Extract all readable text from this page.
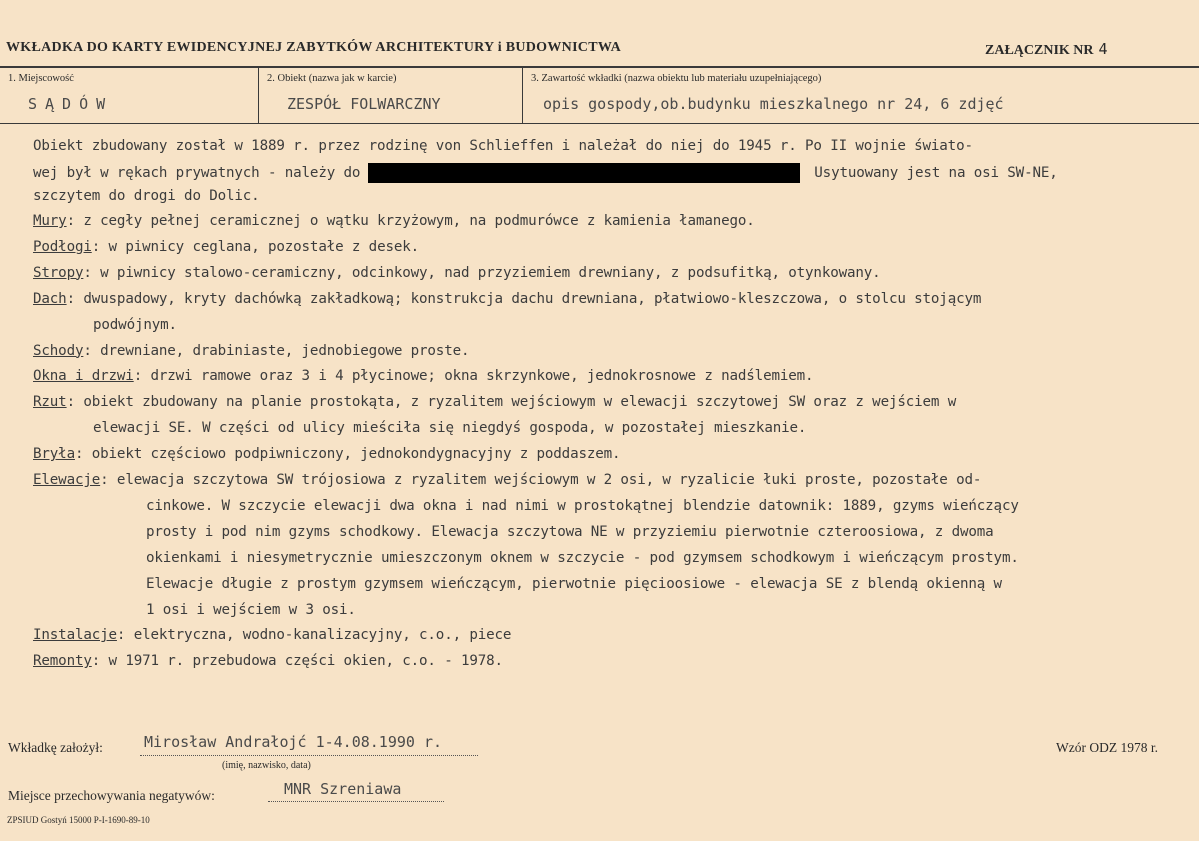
WKŁADKA DO KARTY EWIDENCYJNEJ ZABYTKÓW ARCHITEKTURY i BUDOWNICTWA	ZAŁĄCZNIK NR 4
1. Miejscowość
SĄDÓW
2. Obiekt (nazwa jak w karcie)
ZESPÓŁ FOLWARCZNY
3. Zawartość wkładki (nazwa obiektu lub materiału uzupełniającego)
opis gospody,ob.budynku mieszkalnego nr 24, 6 zdjęć
Obiekt zbudowany został w 1889 r. przez rodzinę von Schlieffen i należał do niej do 1945 r. Po II wojnie świato-
wej był w rękach prywatnych - należy do	Usytuowany jest na osi SW-NE,
szczytem do drogi do Dolic.
Mury: z cegły pełnej ceramicznej o wątku krzyżowym, na podmurówce z kamienia łamanego.
Podłogi: w piwnicy ceglana, pozostałe z desek.
Stropy: w piwnicy stalowo-ceramiczny, odcinkowy, nad przyziemiem drewniany, z podsufitką, otynkowany.
Dach: dwuspadowy, kryty dachówką zakładkową; konstrukcja dachu drewniana, płatwiowo-kleszczowa, o stolcu stojącym
podwójnym.
Schody: drewniane, drabiniaste, jednobiegowe proste.
Okna i drzwi: drzwi ramowe oraz 3 i 4 płycinowe; okna skrzynkowe, jednokrosnowe z nadślemiem.
Rzut: obiekt zbudowany na planie prostokąta, z ryzalitem wejściowym w elewacji szczytowej SW oraz z wejściem w
elewacji SE. W części od ulicy mieściła się niegdyś gospoda, w pozostałej mieszkanie.
Bryła: obiekt częściowo podpiwniczony, jednokondygnacyjny z poddaszem.
Elewacje: elewacja szczytowa SW trójosiowa z ryzalitem wejściowym w 2 osi, w ryzalicie łuki proste, pozostałe od-
cinkowe. W szczycie elewacji dwa okna i nad nimi w prostokątnej blendzie datownik: 1889, gzyms wieńczący
prosty i pod nim gzyms schodkowy. Elewacja szczytowa NE w przyziemiu pierwotnie czteroosiowa, z dwoma
okienkami i niesymetrycznie umieszczonym oknem w szczycie - pod gzymsem schodkowym i wieńczącym prostym.
Elewacje długie z prostym gzymsem wieńczącym, pierwotnie pięcioosiowe - elewacja SE z blendą okienną w
1 osi i wejściem w 3 osi.
Instalacje: elektryczna, wodno-kanalizacyjny, c.o., piece
Remonty: w 1971 r. przebudowa części okien, c.o. - 1978.
Wkładkę założył:	Mirosław Andrałojć 1-4.08.1990 r.
(imię, nazwisko, data)
Wzór ODZ 1978 r.
Miejsce przechowywania negatywów:	MNR Szreniawa
ZPSIUD Gostyń 15000 P-I-1690-89-10
